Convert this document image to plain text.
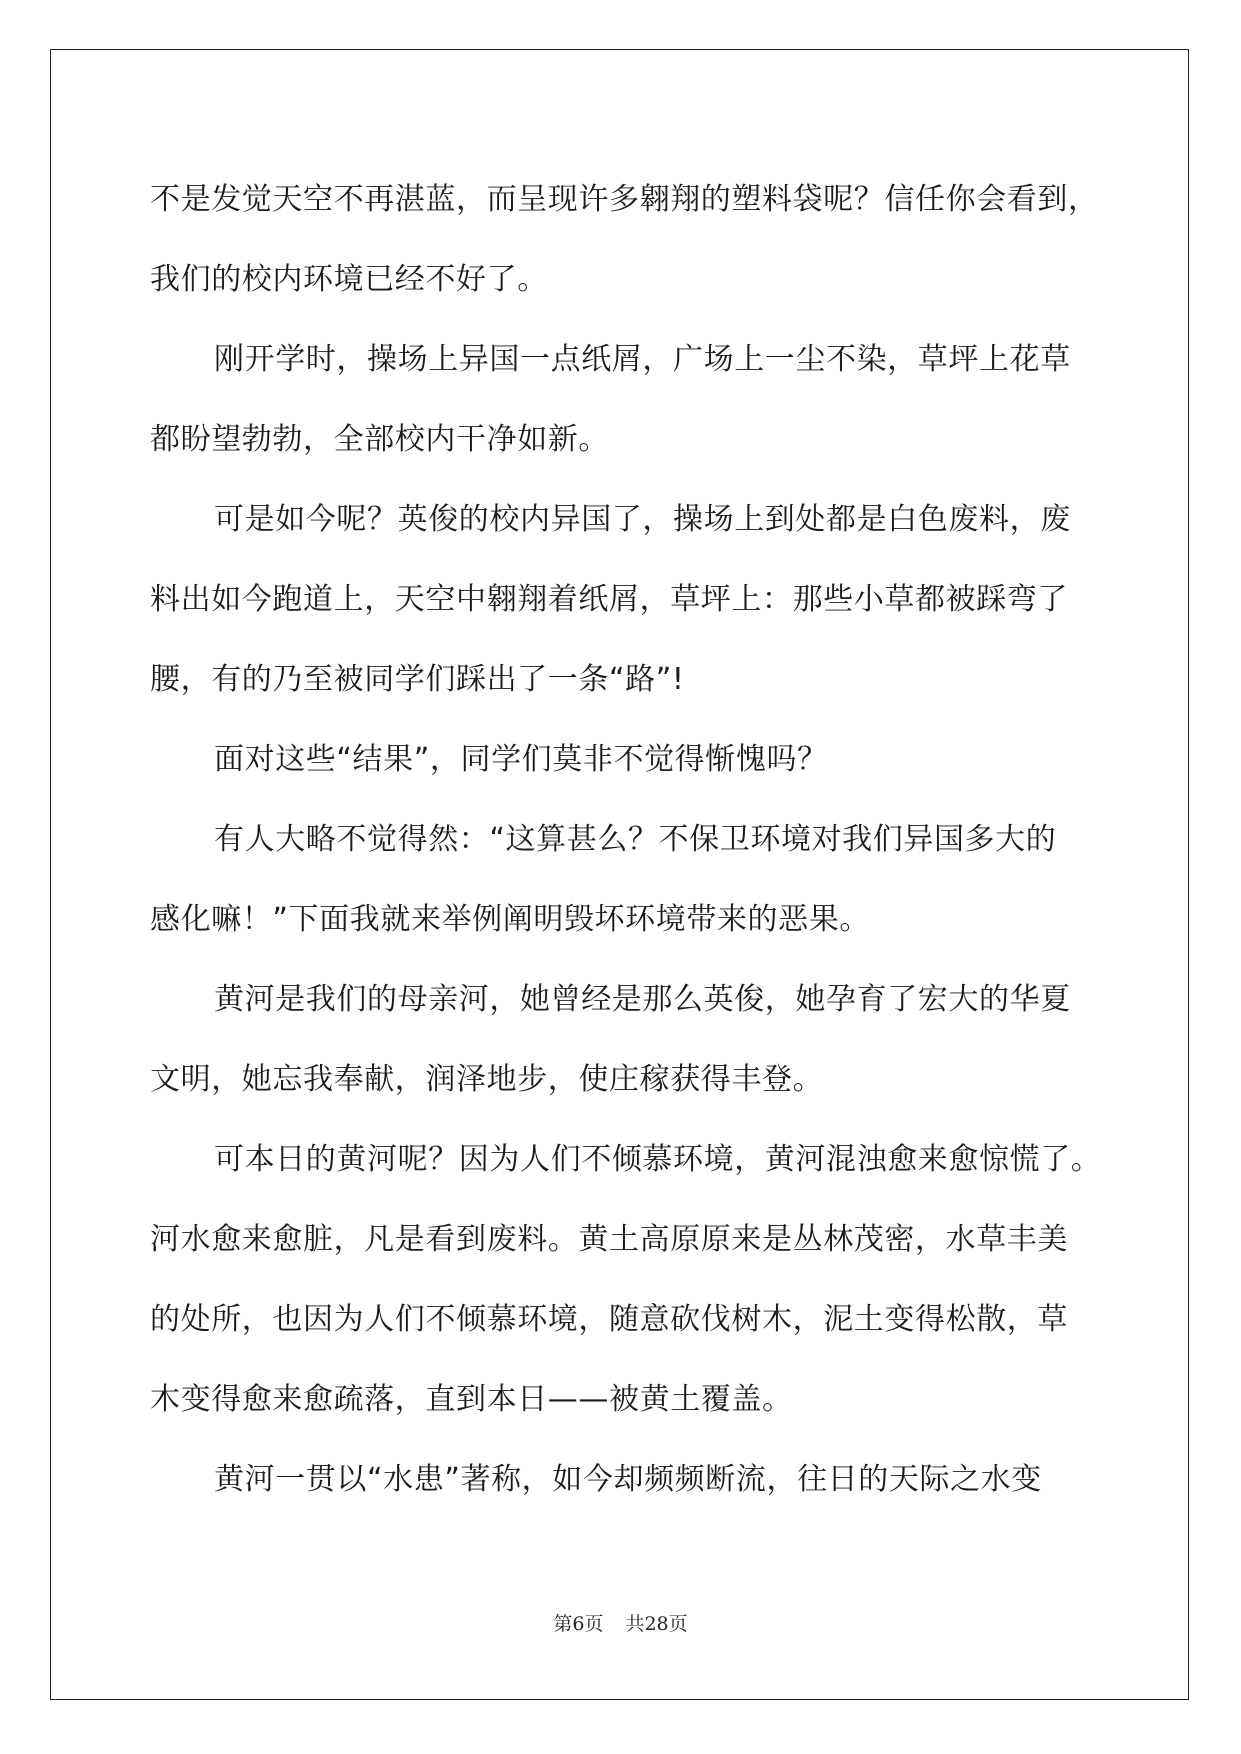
不是发觉天空不再湛蓝，而呈现许多翱翔的塑料袋呢？信任你会看到，
我们的校内环境已经不好了。
刚开学时，操场上异国一点纸屑，广场上一尘不染，草坪上花草
都盼望勃勃，全部校内干净如新。
可是如今呢？英俊的校内异国了，操场上到处都是白色废料，废
料出如今跑道上，天空中翱翔着纸屑，草坪上：那些小草都被踩弯了
腰，有的乃至被同学们踩出了一条“路”!
面对这些“结果”，同学们莫非不觉得惭愧吗？
有人大略不觉得然：“这算甚么？不保卫环境对我们异国多大的
感化嘛！”下面我就来举例阐明毁坏环境带来的恶果。
黄河是我们的母亲河，她曾经是那么英俊，她孕育了宏大的华夏
文明，她忘我奉献，润泽地步，使庄稼获得丰登。
可本日的黄河呢？因为人们不倾慕环境，黄河混浊愈来愈惊慌了。
河水愈来愈脏，凡是看到废料。黄土高原原来是丛林茂密，水草丰美
的处所，也因为人们不倾慕环境，随意砍伐树木，泥土变得松散，草
木变得愈来愈疏落，直到本日——被黄土覆盖。
黄河一贯以“水患”著称，如今却频频断流，往日的天际之水变
第6页 共28页
